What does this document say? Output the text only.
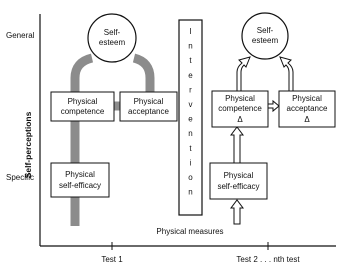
General
Specific
Self-perceptions
Physical measures
Test 1	Test 2 . . . nth test
Self-
esteem
Physical
competence
Physical
acceptance
Physical
self-efficacy
I
n
t
e
r
v
e
n
t
i
o
n
Self-
esteem
Physical
competence
Δ
Physical
acceptance
Δ
Physical
self-efficacy
